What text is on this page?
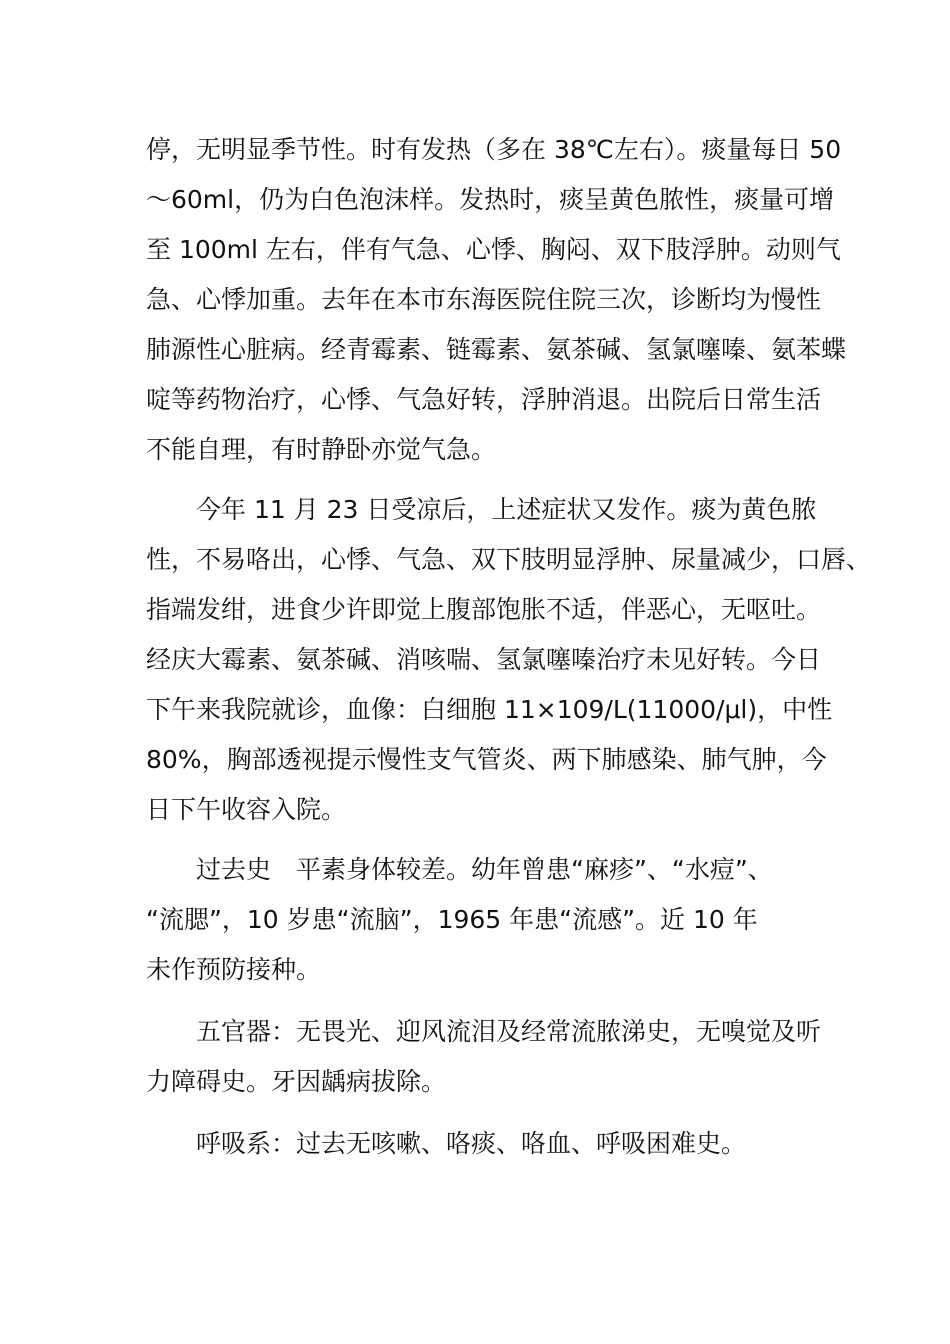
停，无明显季节性。时有发热（多在 38℃左右）。痰量每日 50
～60ml，仍为白色泡沫样。发热时，痰呈黄色脓性，痰量可增
至 100ml 左右，伴有气急、心悸、胸闷、双下肢浮肿。动则气
急、心悸加重。去年在本市东海医院住院三次，诊断均为慢性
肺源性心脏病。经青霉素、链霉素、氨茶碱、氢氯噻嗪、氨苯蝶
啶等药物治疗，心悸、气急好转，浮肿消退。出院后日常生活
不能自理，有时静卧亦觉气急。
今年 11 月 23 日受凉后，上述症状又发作。痰为黄色脓
性，不易咯出，心悸、气急、双下肢明显浮肿、尿量减少，口唇、
指端发绀，进食少许即觉上腹部饱胀不适，伴恶心，无呕吐。
经庆大霉素、氨茶碱、消咳喘、氢氯噻嗪治疗未见好转。今日
下午来我院就诊，血像：白细胞 11×109/L(11000/μl)，中性
80%，胸部透视提示慢性支气管炎、两下肺感染、肺气肿，今
日下午收容入院。
过去史　平素身体较差。幼年曾患“麻疹”、“水痘”、
“流腮”，10 岁患“流脑”，1965 年患“流感”。近 10 年
未作预防接种。
五官器：无畏光、迎风流泪及经常流脓涕史，无嗅觉及听
力障碍史。牙因龋病拔除。
呼吸系：过去无咳嗽、咯痰、咯血、呼吸困难史。
